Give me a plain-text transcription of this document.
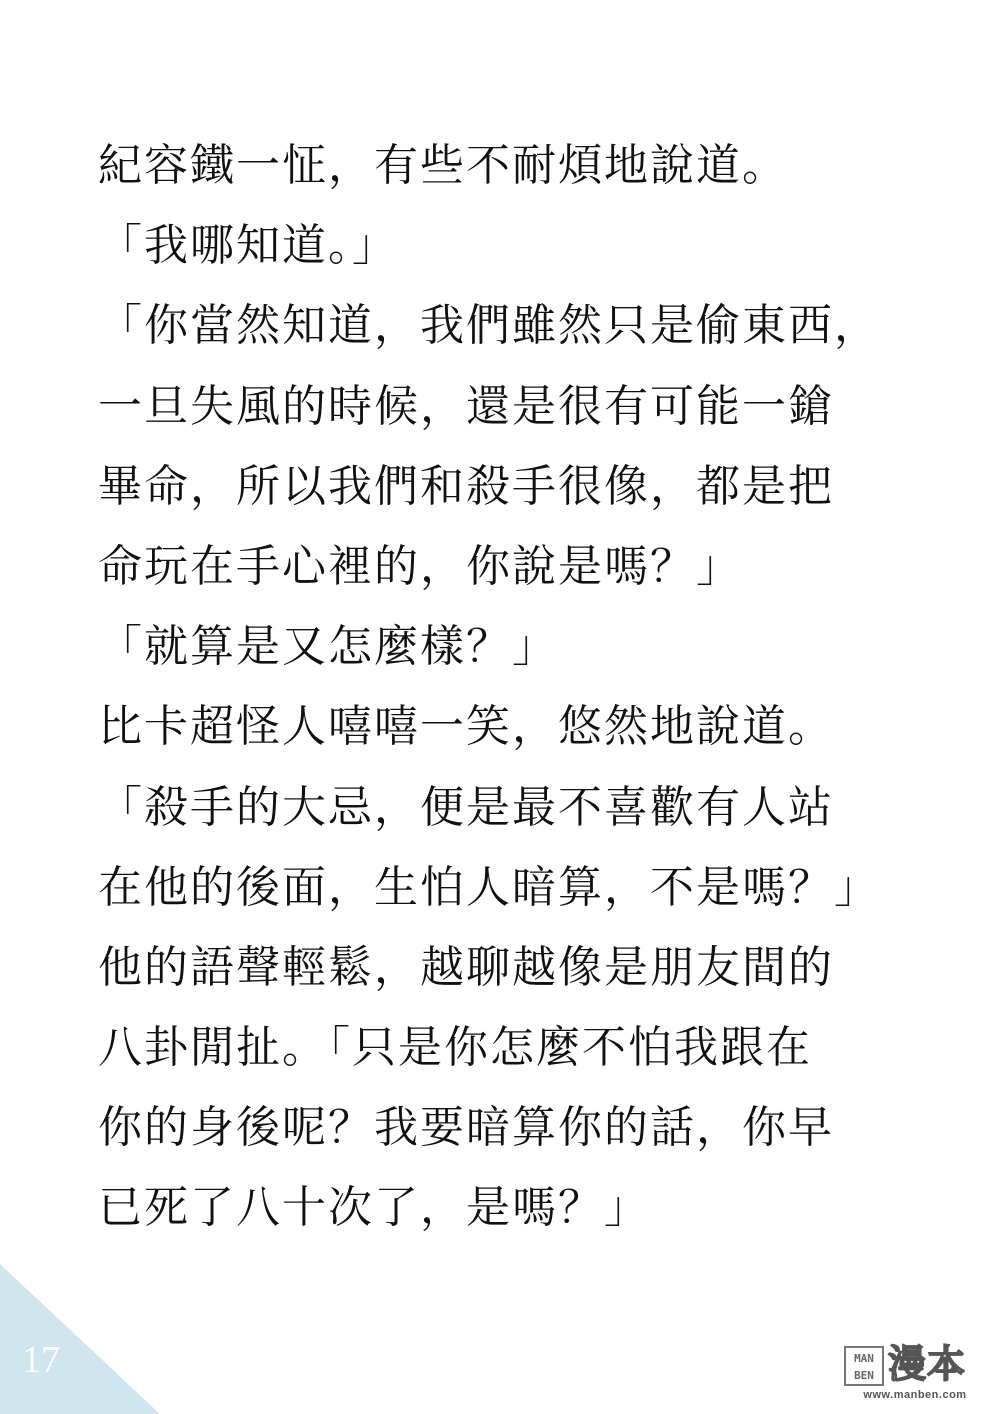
紀容鐵一怔，有些不耐煩地說道。
「我哪知道。」
「你當然知道，我們雖然只是偷東西，
一旦失風的時候，還是很有可能一鎗
畢命，所以我們和殺手很像，都是把
命玩在手心裡的，你說是嗎？」
「就算是又怎麼樣？」
比卡超怪人嘻嘻一笑，悠然地說道。
「殺手的大忌，便是最不喜歡有人站
在他的後面，生怕人暗算，不是嗎？」
他的語聲輕鬆，越聊越像是朋友間的
八卦閒扯。「只是你怎麼不怕我跟在
你的身後呢？我要暗算你的話，你早
已死了八十次了，是嗎？」
17	MAN
BEN 漫本
www.manben.com
